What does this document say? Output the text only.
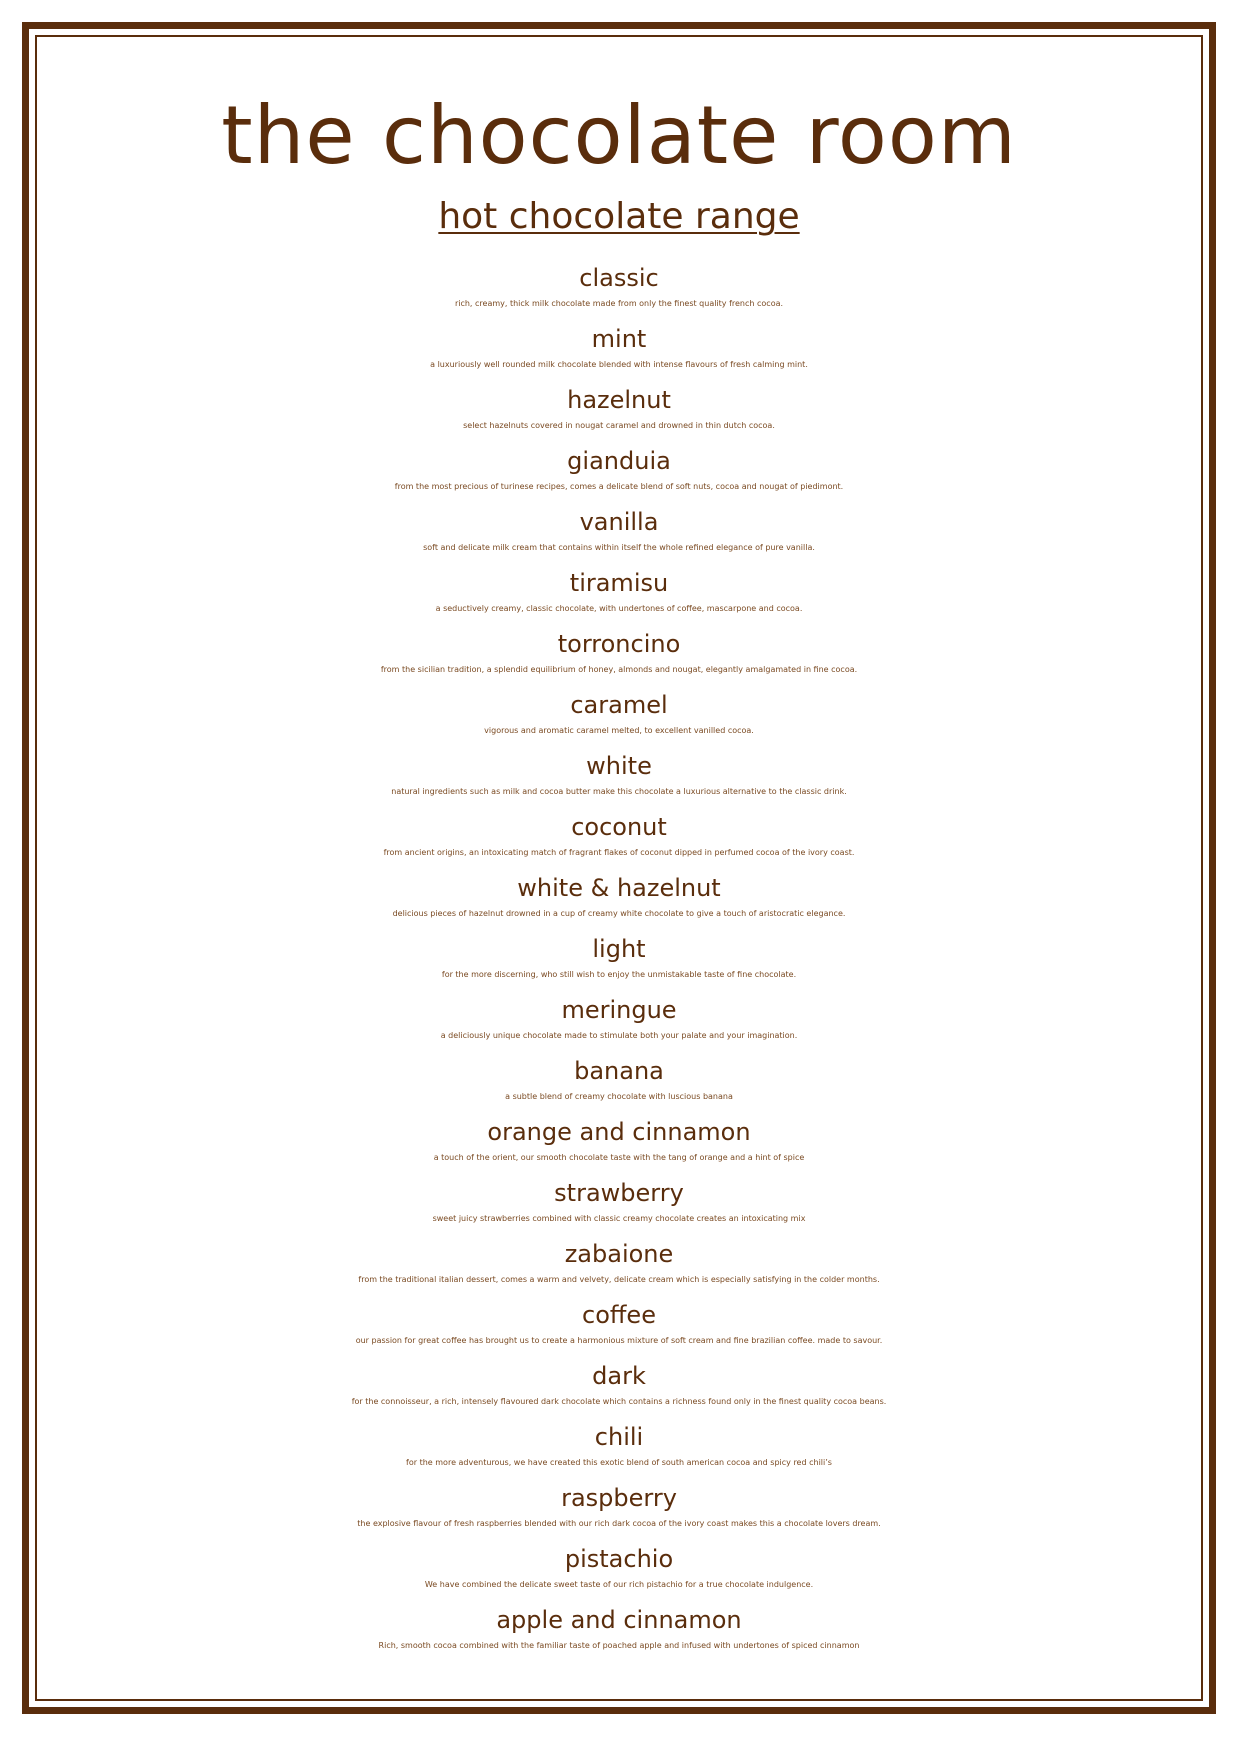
the chocolate room
hot chocolate range
classic
rich, creamy, thick milk chocolate made from only the finest quality french cocoa.
mint
a luxuriously well rounded milk chocolate blended with intense flavours of fresh calming mint.
hazelnut
select hazelnuts covered in nougat caramel and drowned in thin dutch cocoa.
gianduia
from the most precious of turinese recipes, comes a delicate blend of soft nuts, cocoa and nougat of piedimont.
vanilla
soft and delicate milk cream that contains within itself the whole refined elegance of pure vanilla.
tiramisu
a seductively creamy, classic chocolate, with undertones of coffee, mascarpone and cocoa.
torroncino
from the sicilian tradition, a splendid equilibrium of honey, almonds and nougat, elegantly amalgamated in fine cocoa.
caramel
vigorous and aromatic caramel melted, to excellent vanilled cocoa.
white
natural ingredients such as milk and cocoa butter make this chocolate a luxurious alternative to the classic drink.
coconut
from ancient origins, an intoxicating match of fragrant flakes of coconut dipped in perfumed cocoa of the ivory coast.
white & hazelnut
delicious pieces of hazelnut drowned in a cup of creamy white chocolate to give a touch of aristocratic elegance.
light
for the more discerning, who still wish to enjoy the unmistakable taste of fine chocolate.
meringue
a deliciously unique chocolate made to stimulate both your palate and your imagination.
banana
a subtle blend of creamy chocolate with luscious banana
orange and cinnamon
a touch of the orient, our smooth chocolate taste with the tang of orange and a hint of spice
strawberry
sweet juicy strawberries combined with classic creamy chocolate creates an intoxicating mix
zabaione
from the traditional italian dessert, comes a warm and velvety, delicate cream which is especially satisfying in the colder months.
coffee
our passion for great coffee has brought us to create a harmonious mixture of soft cream and fine brazilian coffee. made to savour.
dark
for the connoisseur, a rich, intensely flavoured dark chocolate which contains a richness found only in the finest quality cocoa beans.
chili
for the more adventurous, we have created this exotic blend of south american cocoa and spicy red chili’s
raspberry
the explosive flavour of fresh raspberries blended with our rich dark cocoa of the ivory coast makes this a chocolate lovers dream.
pistachio
We have combined the delicate sweet taste of our rich pistachio for a true chocolate indulgence.
apple and cinnamon
Rich, smooth cocoa combined with the familiar taste of poached apple and infused with undertones of spiced cinnamon
